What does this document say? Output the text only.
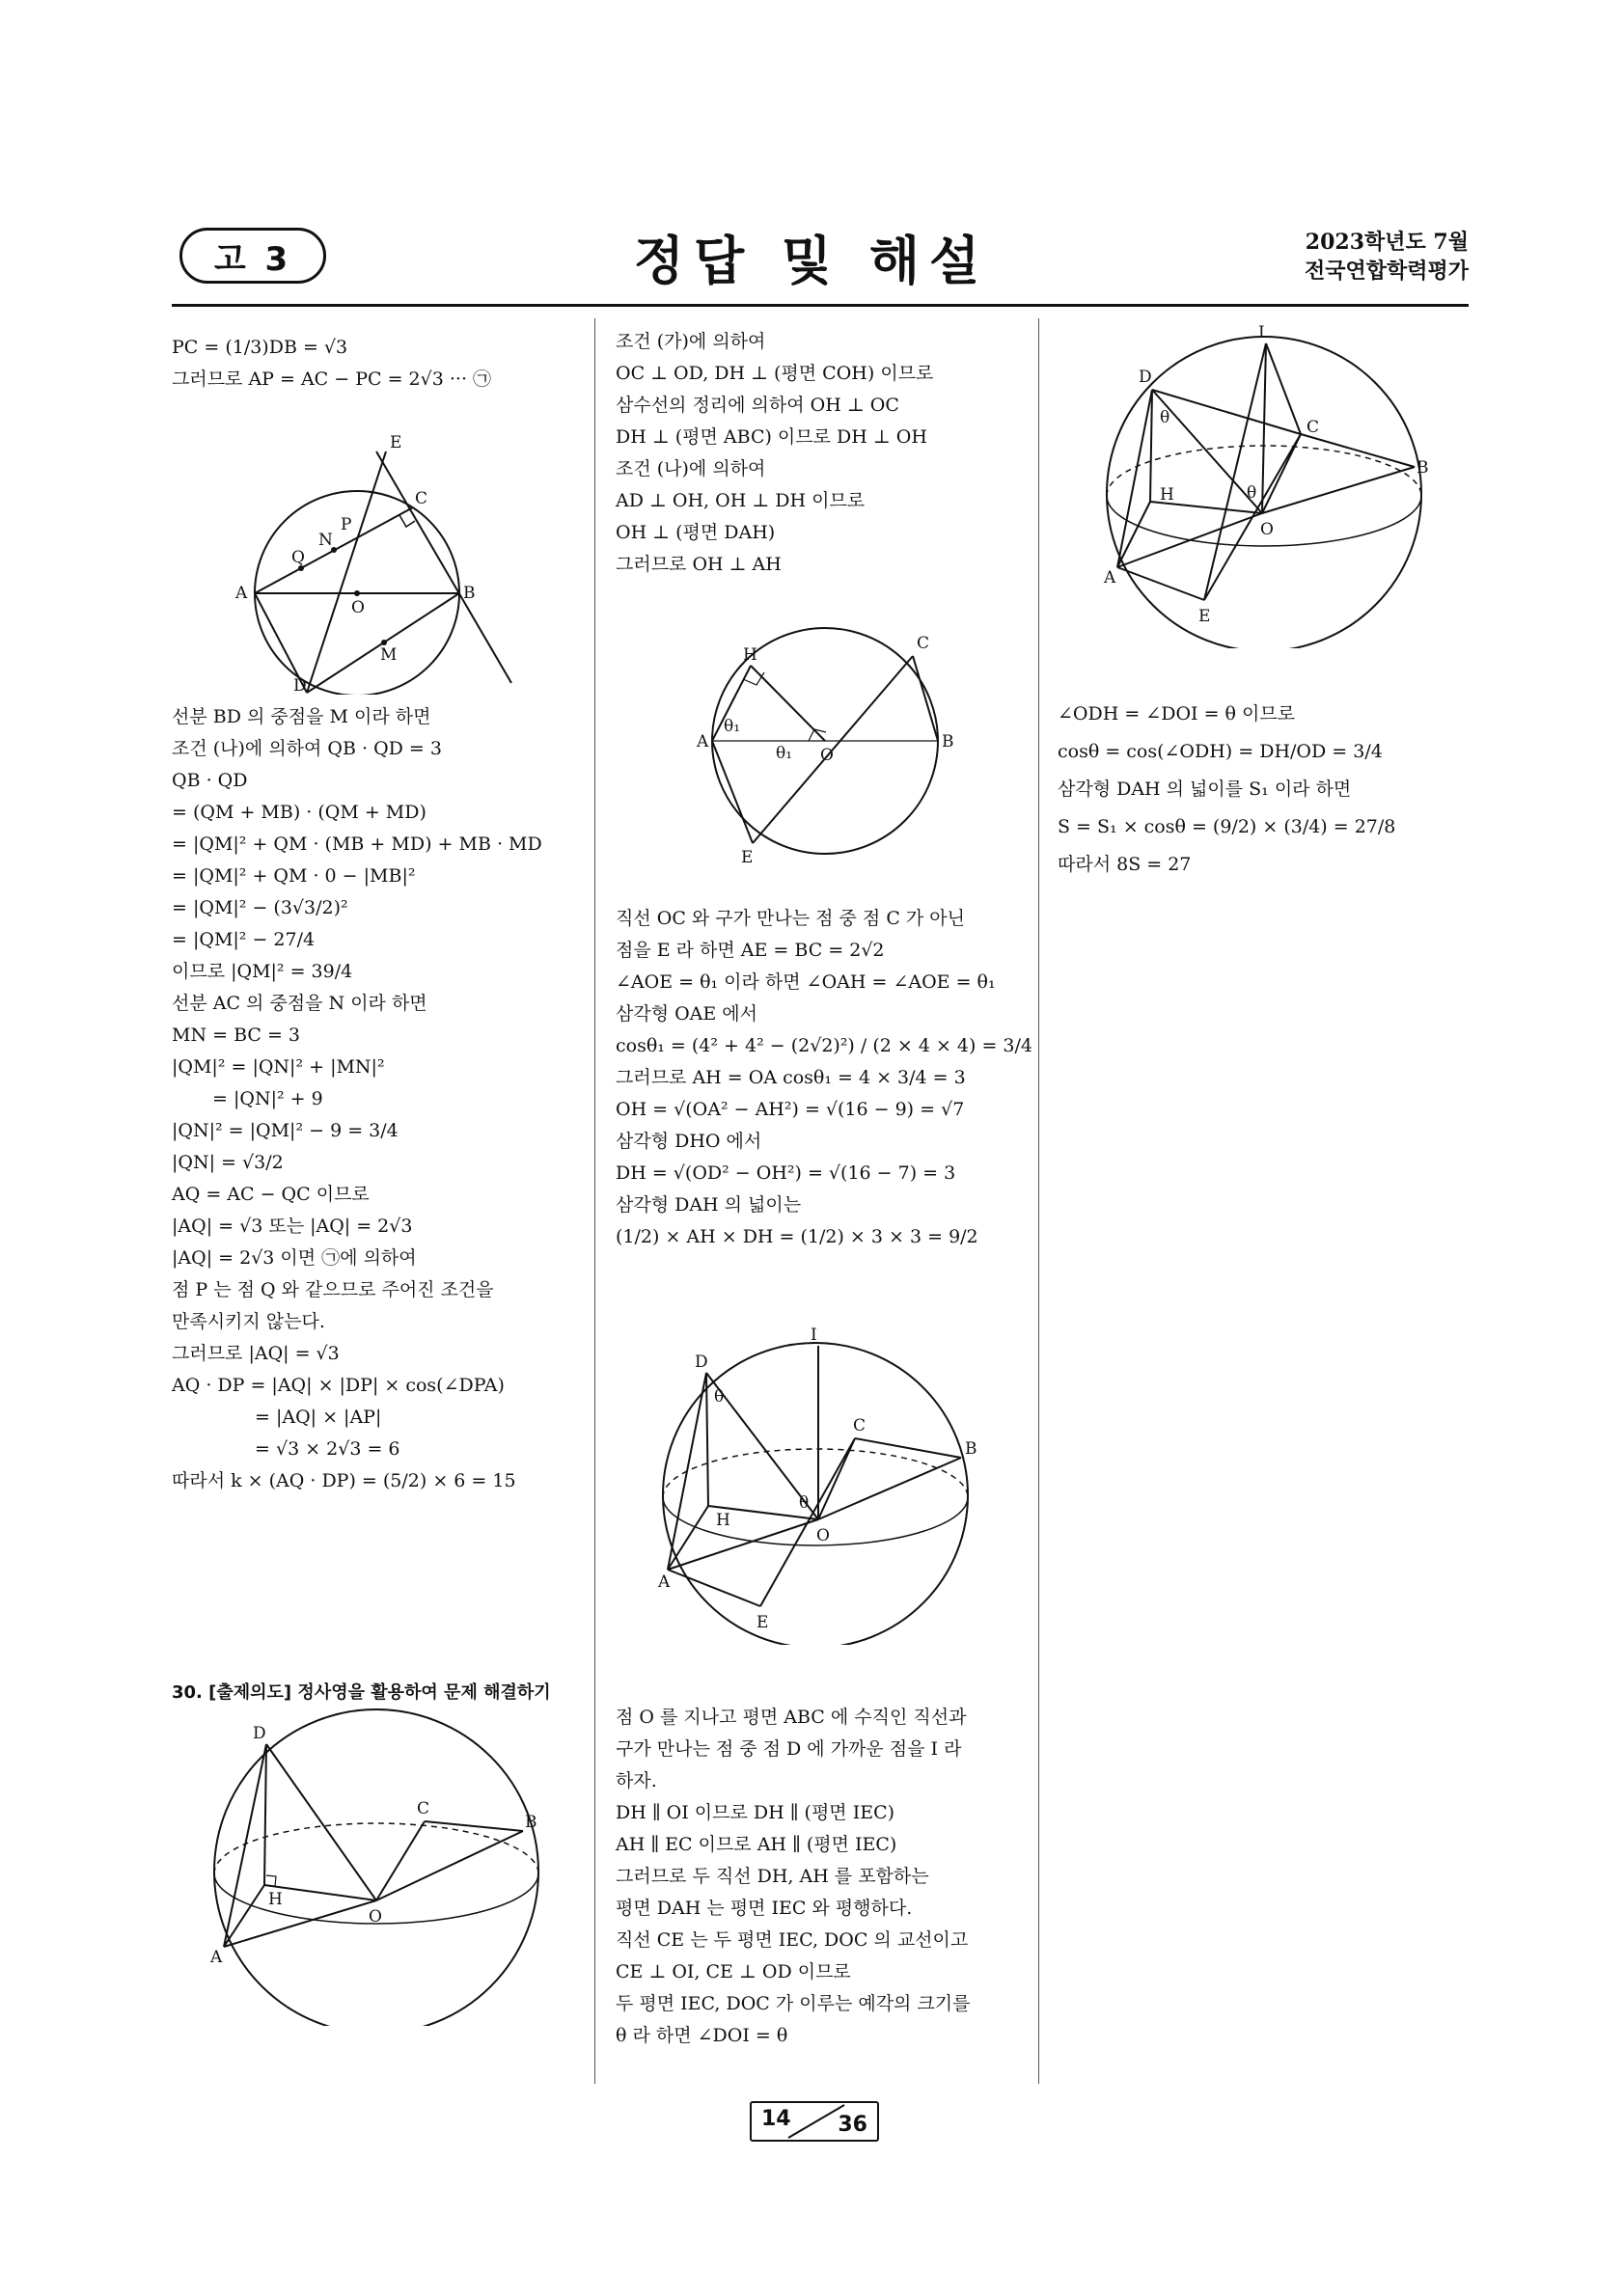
고 3	정답 및 해설	2023학년도 7월
전국연합학력평가
PC = (1/3)DB = √3
그러므로 AP = AC − PC = 2√3 ··· ㉠
A	B
C
D
E
O
Q
N
P
M
선분 BD 의 중점을 M 이라 하면
조건 (나)에 의하여 QB · QD = 3
QB · QD
= (QM + MB) · (QM + MD)
= |QM|² + QM · (MB + MD) + MB · MD
= |QM|² + QM · 0 − |MB|²
= |QM|² − (3√3/2)²
= |QM|² − 27/4
이므로 |QM|² = 39/4
선분 AC 의 중점을 N 이라 하면
MN = BC = 3
|QM|² = |QN|² + |MN|²
= |QN|² + 9
|QN|² = |QM|² − 9 = 3/4
|QN| = √3/2
AQ = AC − QC 이므로
|AQ| = √3 또는 |AQ| = 2√3
|AQ| = 2√3 이면 ㉠에 의하여
점 P 는 점 Q 와 같으므로 주어진 조건을
만족시키지 않는다.
그러므로 |AQ| = √3
AQ · DP = |AQ| × |DP| × cos(∠DPA)
= |AQ| × |AP|
= √3 × 2√3 = 6
따라서 k × (AQ · DP) = (5/2) × 6 = 15
30. [출제의도] 정사영을 활용하여 문제 해결하기
D
C
B
H
O
A
조건 (가)에 의하여
OC ⊥ OD, DH ⊥ (평면 COH) 이므로
삼수선의 정리에 의하여 OH ⊥ OC
DH ⊥ (평면 ABC) 이므로 DH ⊥ OH
조건 (나)에 의하여
AD ⊥ OH, OH ⊥ DH 이므로
OH ⊥ (평면 DAH)
그러므로 OH ⊥ AH
A	B
C
E
H
O
θ₁
θ₁
직선 OC 와 구가 만나는 점 중 점 C 가 아닌
점을 E 라 하면 AE = BC = 2√2
∠AOE = θ₁ 이라 하면 ∠OAH = ∠AOE = θ₁
삼각형 OAE 에서
cosθ₁ = (4² + 4² − (2√2)²) / (2 × 4 × 4) = 3/4
그러므로 AH = OA cosθ₁ = 4 × 3/4 = 3
OH = √(OA² − AH²) = √(16 − 9) = √7
삼각형 DHO 에서
DH = √(OD² − OH²) = √(16 − 7) = 3
삼각형 DAH 의 넓이는
(1/2) × AH × DH = (1/2) × 3 × 3 = 9/2
I
D
θ
θ
C
B
H
O
A
E
점 O 를 지나고 평면 ABC 에 수직인 직선과
구가 만나는 점 중 점 D 에 가까운 점을 I 라
하자.
DH ∥ OI 이므로 DH ∥ (평면 IEC)
AH ∥ EC 이므로 AH ∥ (평면 IEC)
그러므로 두 직선 DH, AH 를 포함하는
평면 DAH 는 평면 IEC 와 평행하다.
직선 CE 는 두 평면 IEC, DOC 의 교선이고
CE ⊥ OI, CE ⊥ OD 이므로
두 평면 IEC, DOC 가 이루는 예각의 크기를
θ 라 하면 ∠DOI = θ
I
D
θ
θ
C
B
H
O
A
E
∠ODH = ∠DOI = θ 이므로
cosθ = cos(∠ODH) = DH/OD = 3/4
삼각형 DAH 의 넓이를 S₁ 이라 하면
S = S₁ × cosθ = (9/2) × (3/4) = 27/8
따라서 8S = 27
14 36
